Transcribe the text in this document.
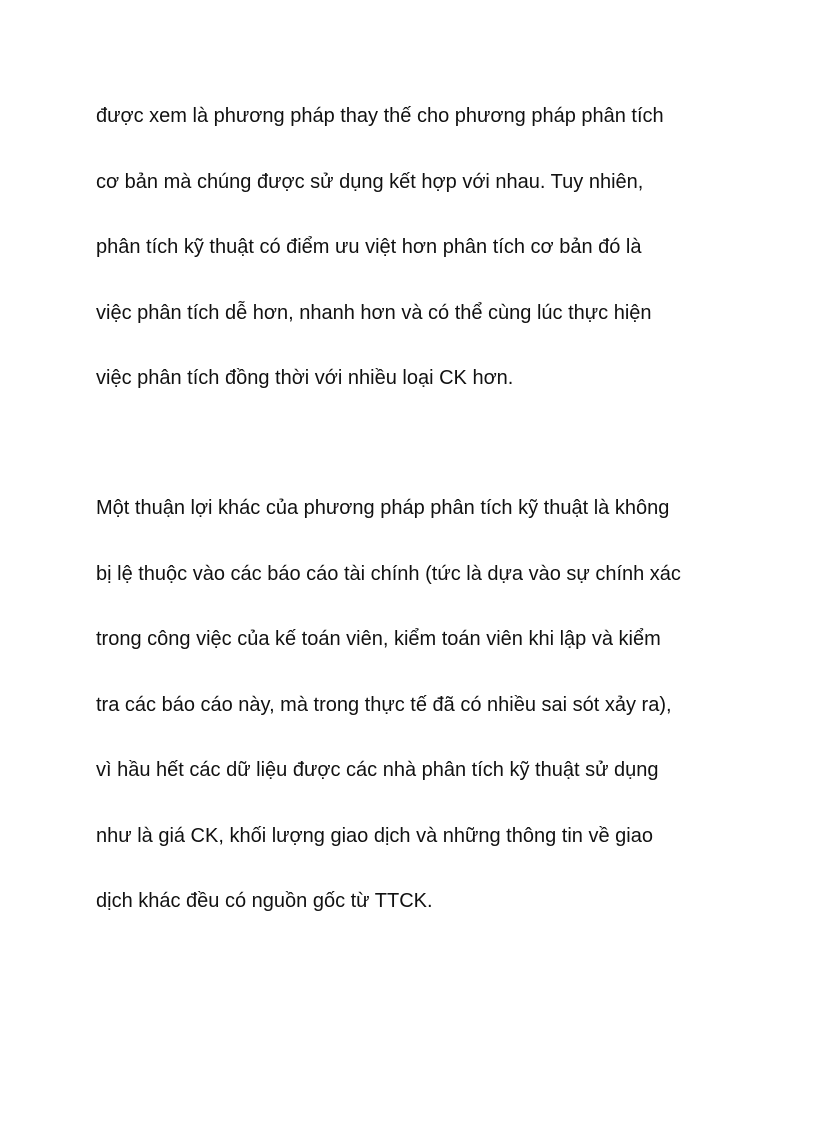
được xem là phương pháp thay thế cho phương pháp phân tích
cơ bản mà chúng được sử dụng kết hợp với nhau. Tuy nhiên,
phân tích kỹ thuật có điểm ưu việt hơn phân tích cơ bản đó là
việc phân tích dễ hơn, nhanh hơn và có thể cùng lúc thực hiện
việc phân tích đồng thời với nhiều loại CK hơn.
Một thuận lợi khác của phương pháp phân tích kỹ thuật là không
bị lệ thuộc vào các báo cáo tài chính (tức là dựa vào sự chính xác
trong công việc của kế toán viên, kiểm toán viên khi lập và kiểm
tra các báo cáo này, mà trong thực tế đã có nhiều sai sót xảy ra),
vì hầu hết các dữ liệu được các nhà phân tích kỹ thuật sử dụng
như là giá CK, khối lượng giao dịch và những thông tin về giao
dịch khác đều có nguồn gốc từ TTCK.
